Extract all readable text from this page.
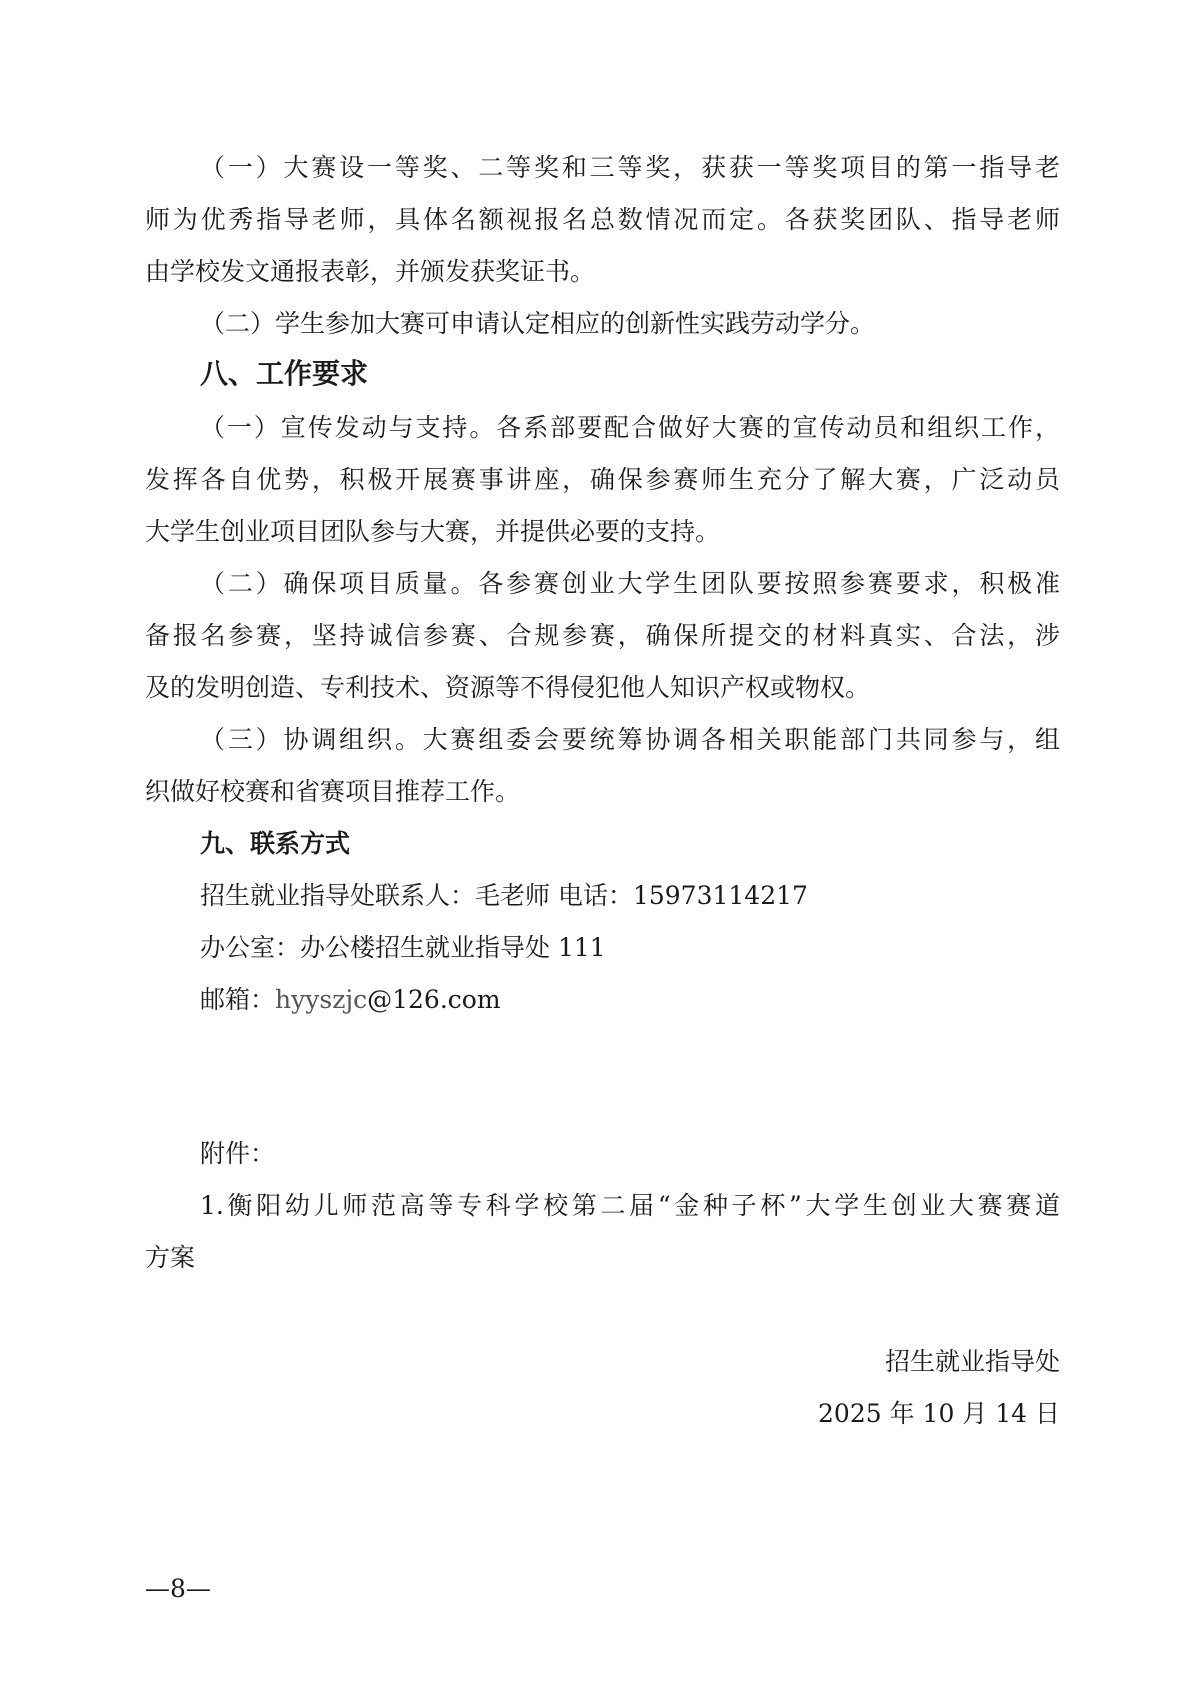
（一）大赛设一等奖、二等奖和三等奖，获获一等奖项目的第一指导老
师为优秀指导老师，具体名额视报名总数情况而定。各获奖团队、指导老师
由学校发文通报表彰，并颁发获奖证书。
（二）学生参加大赛可申请认定相应的创新性实践劳动学分。
八、工作要求
（一）宣传发动与支持。各系部要配合做好大赛的宣传动员和组织工作，
发挥各自优势，积极开展赛事讲座，确保参赛师生充分了解大赛，广泛动员
大学生创业项目团队参与大赛，并提供必要的支持。
（二）确保项目质量。各参赛创业大学生团队要按照参赛要求，积极准
备报名参赛，坚持诚信参赛、合规参赛，确保所提交的材料真实、合法，涉
及的发明创造、专利技术、资源等不得侵犯他人知识产权或物权。
（三）协调组织。大赛组委会要统筹协调各相关职能部门共同参与，组
织做好校赛和省赛项目推荐工作。
九、联系方式
招生就业指导处联系人：毛老师 电话：15973114217
办公室：办公楼招生就业指导处 111
邮箱：hyyszjc@126.com
附件：
1.衡阳幼儿师范高等专科学校第二届“金种子杯”大学生创业大赛赛道
方案
招生就业指导处
2025 年 10 月 14 日
—8—
